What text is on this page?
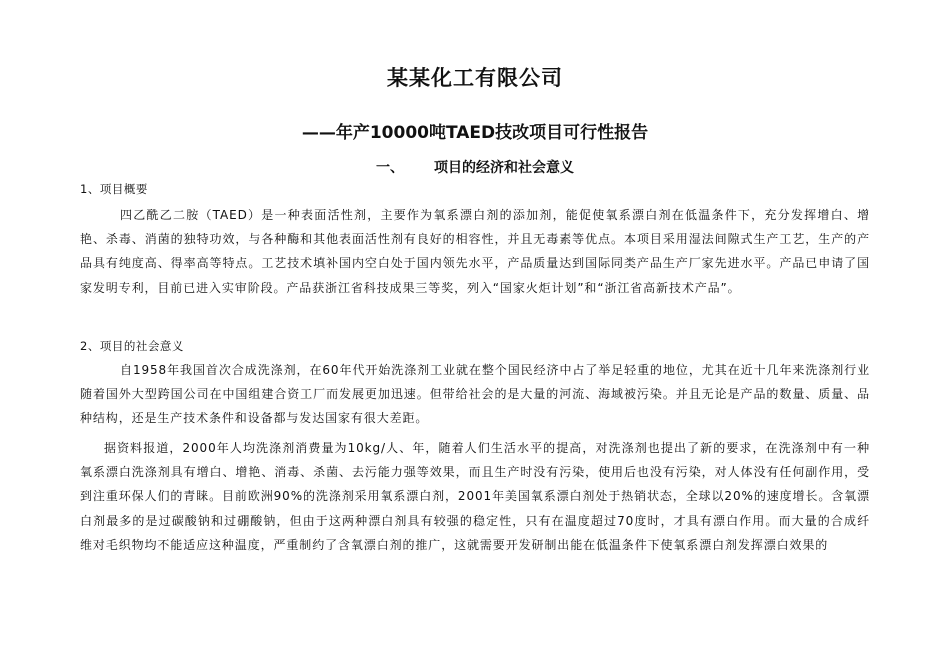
某某化工有限公司
——年产10000吨TAED技改项目可行性报告
一、 项目的经济和社会意义
1、项目概要

四乙酰乙二胺（TAED）是一种表面活性剂，主要作为氧系漂白剂的添加剂，能促使氧系漂白剂在低温条件下，充分发挥增白、增艳、杀毒、消菌的独特功效，与各种酶和其他表面活性剂有良好的相容性，并且无毒素等优点。本项目采用湿法间隙式生产工艺，生产的产品具有纯度高、得率高等特点。工艺技术填补国内空白处于国内领先水平，产品质量达到国际同类产品生产厂家先进水平。产品已申请了国家发明专利，目前已进入实审阶段。产品获浙江省科技成果三等奖，列入“国家火炬计划”和“浙江省高新技术产品”。

2、项目的社会意义

自1958年我国首次合成洗涤剂，在60年代开始洗涤剂工业就在整个国民经济中占了举足轻重的地位，尤其在近十几年来洗涤剂行业随着国外大型跨国公司在中国组建合资工厂而发展更加迅速。但带给社会的是大量的河流、海域被污染。并且无论是产品的数量、质量、品种结构，还是生产技术条件和设备都与发达国家有很大差距。

据资料报道，2000年人均洗涤剂消费量为10kg/人、年，随着人们生活水平的提高，对洗涤剂也提出了新的要求，在洗涤剂中有一种氧系漂白洗涤剂具有增白、增艳、消毒、杀菌、去污能力强等效果，而且生产时没有污染，使用后也没有污染，对人体没有任何副作用，受到注重环保人们的青睐。目前欧洲90%的洗涤剂采用氧系漂白剂，2001年美国氧系漂白剂处于热销状态，全球以20%的速度增长。含氧漂白剂最多的是过碳酸钠和过硼酸钠，但由于这两种漂白剂具有较强的稳定性，只有在温度超过70度时，才具有漂白作用。而大量的合成纤维对毛织物均不能适应这种温度，严重制约了含氧漂白剂的推广，这就需要开发研制出能在低温条件下使氧系漂白剂发挥漂白效果的
